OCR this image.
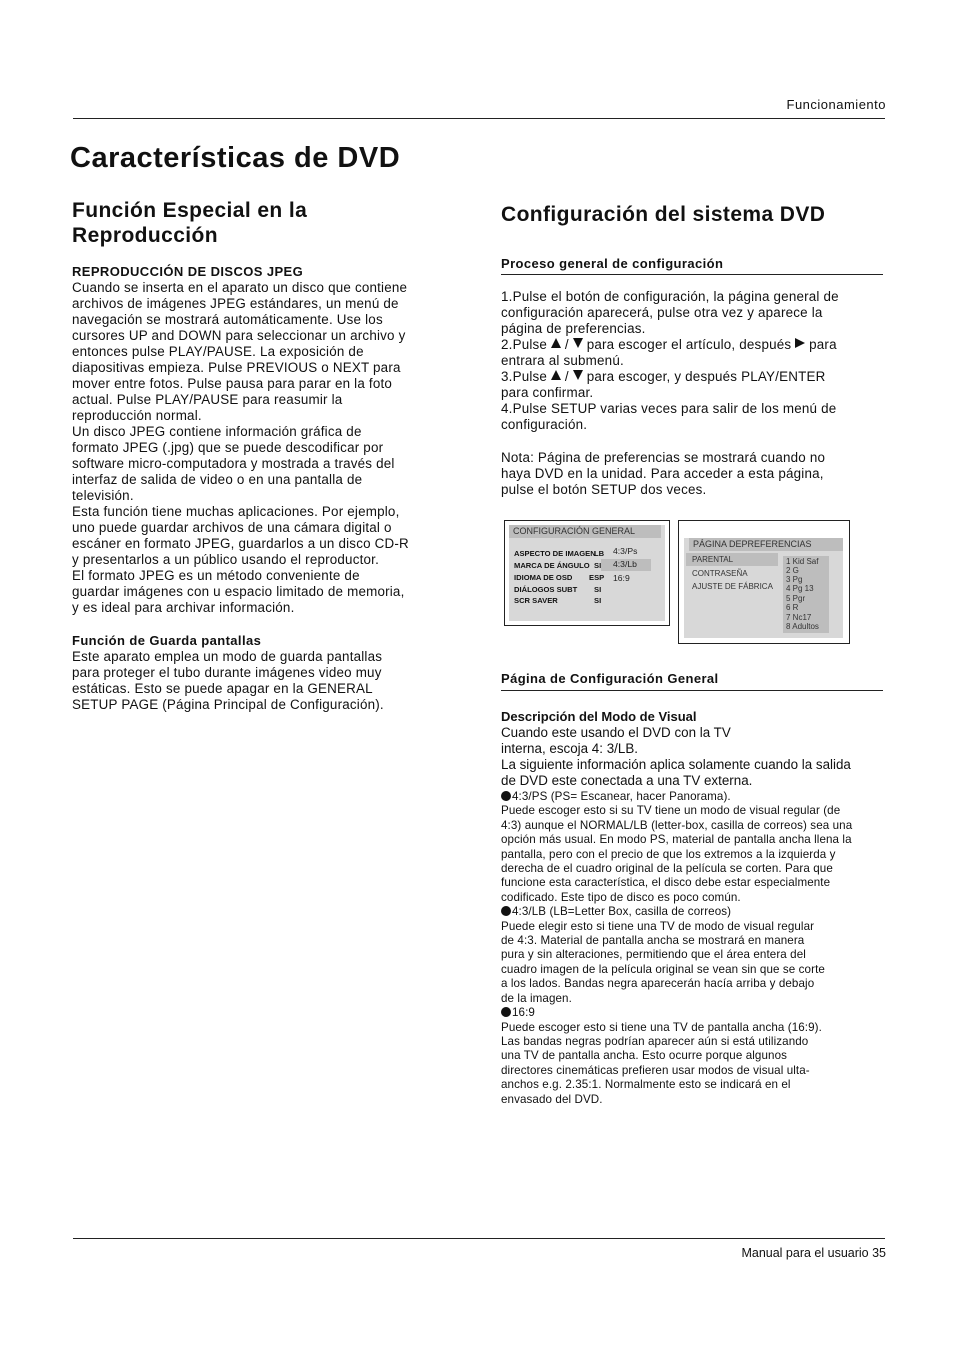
Funcionamiento
Características de DVD
Función Especial en la
Reproducción
REPRODUCCIÓN DE DISCOS JPEG

Cuando se inserta en el aparato un disco que contiene

archivos de imágenes JPEG estándares, un menú de

navegación se mostrará automáticamente. Use los

cursores UP and DOWN para seleccionar un archivo y

entonces pulse PLAY/PAUSE. La exposición de

diapositivas empieza. Pulse PREVIOUS o NEXT para

mover entre fotos. Pulse pausa para parar en la foto

actual. Pulse PLAY/PAUSE para reasumir la

reproducción normal.

Un disco JPEG contiene información gráfica de

formato JPEG (.jpg) que se puede descodificar por

software micro-computadora y mostrada a través del

interfaz de salida de video o en una pantalla de

televisión.

Esta función tiene muchas aplicaciones. Por ejemplo,

uno puede guardar archivos de una cámara digital o

escáner en formato JPEG, guardarlos a un disco CD-R

y presentarlos a un público usando el reproductor.

El formato JPEG es un método conveniente de

guardar imágenes con u espacio limitado de memoria,

y es ideal para archivar información.

Función de Guarda pantallas

Este aparato emplea un modo de guarda pantallas

para proteger el tubo durante imágenes video muy

estáticas. Esto se puede apagar en la GENERAL

SETUP PAGE (Página Principal de Configuración).

Configuración del sistema DVD
Proceso general de configuración

1.Pulse el botón de configuración, la página general de

configuración aparecerá, pulse otra vez y aparece la

página de preferencias.

2.Pulse / para escoger el artículo, después para

entrara al submenú.

3.Pulse / para escoger, y después PLAY/ENTER

para confirmar.

4.Pulse SETUP varias veces para salir de los menú de

configuración.

Nota: Página de preferencias se mostrará cuando no

haya DVD en la unidad. Para acceder a esta página,

pulse el botón SETUP dos veces.

CONFIGURACIÓN GENERAL
ASPECTO DE IMAGEN
MARCA DE ÁNGULO
IDIOMA DE OSD
DIÁLOGOS SUBT
SCR SAVER
LB
SI
ESP
SI
SI
4:3/Ps
4:3/Lb
16:9
PÁGINA DEPREFERENCIAS
PARENTAL
CONTRASEÑA
AJUSTE DE FÁBRICA
1 Kid Saf
2 G
3 Pg
4 Pg 13
5 Pgr
6 R
7 Nc17
8 Adultos
Página de Configuración General
Descripción del Modo de Visual

Cuando este usando el DVD con la TV

interna, escoja 4: 3/LB.

La siguiente información aplica solamente cuando la salida

de DVD este conectada a una TV externa.

4:3/PS (PS= Escanear, hacer Panorama).

Puede escoger esto si su TV tiene un modo de visual regular (de

4:3) aunque el NORMAL/LB (letter-box, casilla de correos) sea una

opción más usual. En modo PS, material de pantalla ancha llena la

pantalla, pero con el precio de que los extremos a la izquierda y

derecha de el cuadro original de la película se corten. Para que

funcione esta característica, el disco debe estar especialmente

codificado. Este tipo de disco es poco común.

4:3/LB (LB=Letter Box, casilla de correos)

Puede elegir esto si tiene una TV de modo de visual regular

de 4:3. Material de pantalla ancha se mostrará en manera

pura y sin alteraciones, permitiendo que el área entera del

cuadro imagen de la película original se vean sin que se corte

a los lados. Bandas negra aparecerán hacía arriba y debajo

de la imagen.

16:9

Puede escoger esto si tiene una TV de pantalla ancha (16:9).

Las bandas negras podrían aparecer aún si está utilizando

una TV de pantalla ancha. Esto ocurre porque algunos

directores cinemáticas prefieren usar modos de visual ulta-

anchos e.g. 2.35:1. Normalmente esto se indicará en el

envasado del DVD.

Manual para el usuario 35
